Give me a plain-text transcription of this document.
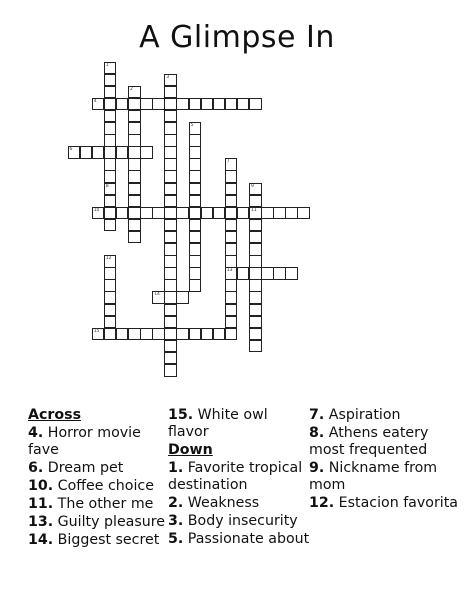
A Glimpse In
4
6
10	11
13
14
15
1
8
2
3
5
7
9
12
Across
4. Horror movie fave
6. Dream pet
10. Coffee choice
11. The other me
13. Guilty pleasure
14. Biggest secret
15. White owl flavor
Down
1. Favorite tropical destination
2. Weakness
3. Body insecurity
5. Passionate about
7. Aspiration
8. Athens eatery most frequented
9. Nickname from mom
12. Estacion favorita
